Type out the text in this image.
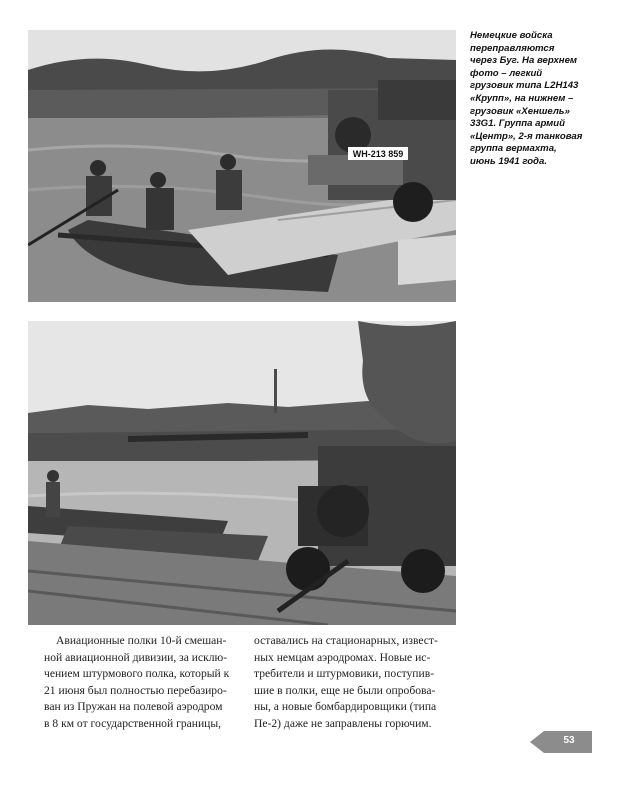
WH-213 859
Немецкие войска
переправляются
через Буг. На верхнем
фото – легкий
грузовик типа L2H143
«Крупп», на нижнем –
грузовик «Хеншель»
33G1. Группа армий
«Центр», 2-я танковая
группа вермахта,
июнь 1941 года.
Авиационные полки 10-й смешан-
ной авиационной дивизии, за исклю-
чением штурмового полка, который к
21 июня был полностью перебазиро-
ван из Пружан на полевой аэродром
в 8 км от государственной границы,
оставались на стационарных, извест-
ных немцам аэродромах. Новые ис-
требители и штурмовики, поступив-
шие в полки, еще не были опробова-
ны, а новые бомбардировщики (типа
Пе-2) даже не заправлены горючим.
53
